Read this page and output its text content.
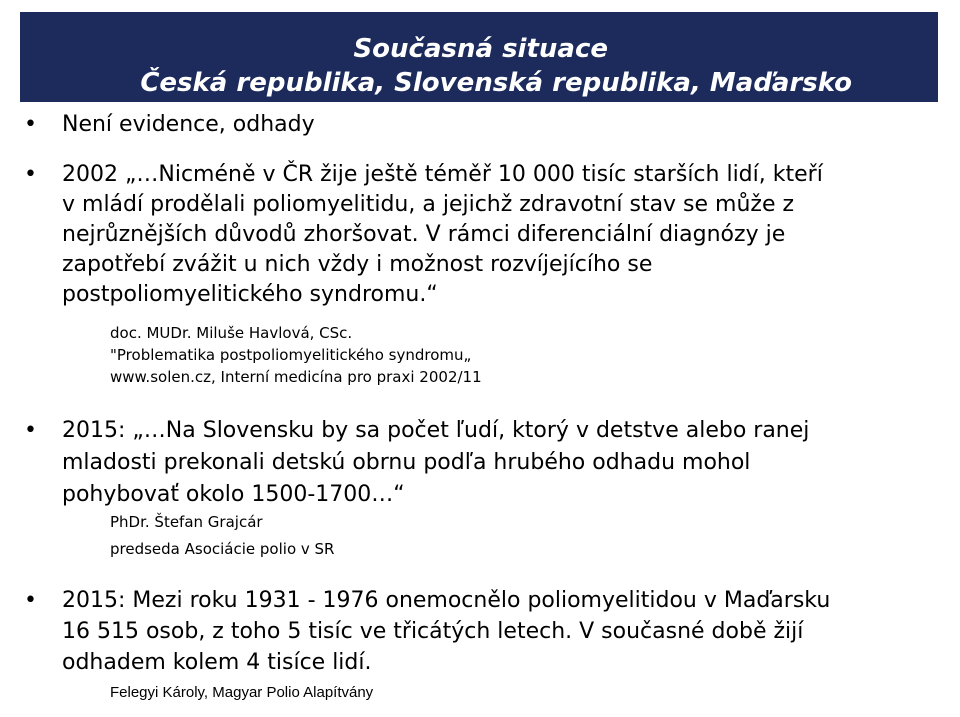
Současná situace
Česká republika, Slovenská republika, Maďarsko
• Není evidence, odhady
• 2002 „…Nicméně v ČR žije ještě téměř 10 000 tisíc starších lidí, kteří
v mládí prodělali poliomyelitidu, a jejichž zdravotní stav se může z
nejrůznějších důvodů zhoršovat. V rámci diferenciální diagnózy je
zapotřebí zvážit u nich vždy i možnost rozvíjejícího se
postpoliomyelitického syndromu.“
doc. MUDr. Miluše Havlová, CSc.
"Problematika postpoliomyelitického syndromu„
www.solen.cz, Interní medicína pro praxi 2002/11
• 2015: „…Na Slovensku by sa počet ľudí, ktorý v detstve alebo ranej
mladosti prekonali detskú obrnu podľa hrubého odhadu mohol
pohybovať okolo 1500-1700…“
PhDr. Štefan Grajcár
predseda Asociácie polio v SR
• 2015: Mezi roku 1931 - 1976 onemocnělo poliomyelitidou v Maďarsku
16 515 osob, z toho 5 tisíc ve třicátých letech. V současné době žijí
odhadem kolem 4 tisíce lidí.
Felegyi Károly, Magyar Polio Alapítvány
